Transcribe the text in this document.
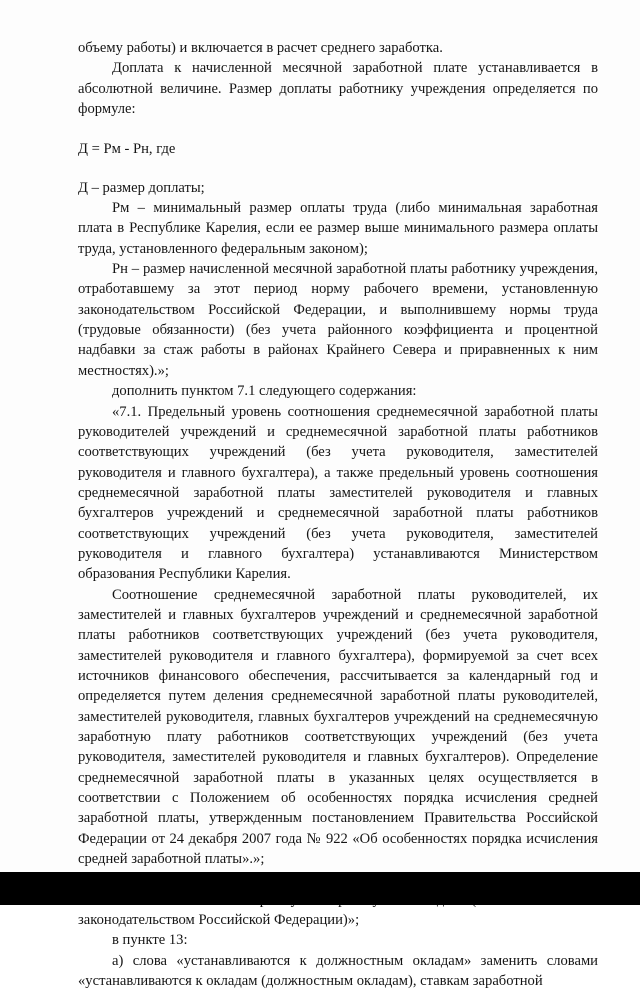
объему работы) и включается в расчет среднего заработка.

Доплата к начисленной месячной заработной плате устанавливается в абсолютной величине. Размер доплаты работнику учреждения определяется по формуле:

Д = Рм - Рн, где

Д – размер доплаты;

Рм – минимальный размер оплаты труда (либо минимальная заработная плата в Республике Карелия, если ее размер выше минимального размера оплаты труда, установленного федеральным законом);

Рн – размер начисленной месячной заработной платы работнику учреждения, отработавшему за этот период норму рабочего времени, установленную законодательством Российской Федерации, и выполнившему нормы труда (трудовые обязанности) (без учета районного коэффициента и процентной надбавки за стаж работы в районах Крайнего Севера и приравненных к ним местностях).»;

дополнить пунктом 7.1 следующего содержания:

«7.1. Предельный уровень соотношения среднемесячной заработной платы руководителей учреждений и среднемесячной заработной платы работников соответствующих учреждений (без учета руководителя, заместителей руководителя и главного бухгалтера), а также предельный уровень соотношения среднемесячной заработной платы заместителей руководителя и главных бухгалтеров учреждений и среднемесячной заработной платы работников соответствующих учреждений (без учета руководителя, заместителей руководителя и главного бухгалтера) устанавливаются Министерством образования Республики Карелия.

Соотношение среднемесячной заработной платы руководителей, их заместителей и главных бухгалтеров учреждений и среднемесячной заработной платы работников соответствующих учреждений (без учета руководителя, заместителей руководителя и главного бухгалтера), формируемой за счет всех источников финансового обеспечения, рассчитывается за календарный год и определяется путем деления среднемесячной заработной платы руководителей, заместителей руководителя, главных бухгалтеров учреждений на среднемесячную заработную плату работников соответствующих учреждений (без учета руководителя, заместителей руководителя и главных бухгалтеров). Определение среднемесячной заработной платы в указанных целях осуществляется в соответствии с Положением об особенностях порядка исчисления средней заработной платы, утвержденным постановлением Правительства Российской Федерации от 24 декабря 2007 года № 922 «Об особенностях порядка исчисления средней заработной платы».»;

законодательством Российской Федерации)»;

в пункте 13:

а) слова «устанавливаются к должностным окладам» заменить словами «устанавливаются к окладам (должностным окладам), ставкам заработной
